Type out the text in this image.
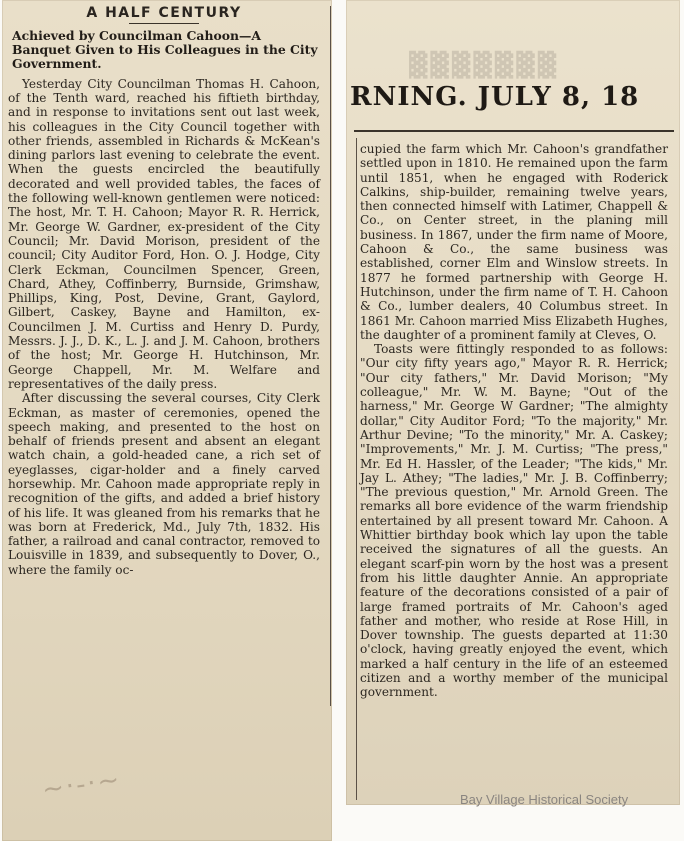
A HALF CENTURY
Achieved by Councilman Cahoon—A Banquet Given to His Colleagues in the City Government.

Yesterday City Councilman Thomas H. Cahoon, of the Tenth ward, reached his fiftieth birthday, and in response to invitations sent out last week, his colleagues in the City Council together with other friends, assembled in Richards & McKean's dining parlors last evening to celebrate the event. When the guests encircled the beautifully decorated and well provided tables, the faces of the following well-known gentlemen were noticed: The host, Mr. T. H. Cahoon; Mayor R. R. Herrick, Mr. George W. Gardner, ex-president of the City Council; Mr. David Morison, president of the council; City Auditor Ford, Hon. O. J. Hodge, City Clerk Eckman, Councilmen Spencer, Green, Chard, Athey, Coffinberry, Burnside, Grimshaw, Phillips, King, Post, Devine, Grant, Gaylord, Gilbert, Caskey, Bayne and Hamilton, ex-Councilmen J. M. Curtiss and Henry D. Purdy, Messrs. J. J., D. K., L. J. and J. M. Cahoon, brothers of the host; Mr. George H. Hutchinson, Mr. George Chappell, Mr. M. Welfare and representatives of the daily press.

After discussing the several courses, City Clerk Eckman, as master of ceremonies, opened the speech making, and presented to the host on behalf of friends present and absent an elegant watch chain, a gold-headed cane, a rich set of eyeglasses, cigar-holder and a finely carved horsewhip. Mr. Cahoon made appropriate reply in recognition of the gifts, and added a brief history of his life. It was gleaned from his remarks that he was born at Frederick, Md., July 7th, 1832. His father, a railroad and canal contractor, removed to Louisville in 1839, and subsequently to Dover, O., where the family oc-

~·-·~
▓▓▓▓▓▓▓
RNING. JULY 8, 18

cupied the farm which Mr. Cahoon's grandfather settled upon in 1810. He remained upon the farm until 1851, when he engaged with Roderick Calkins, ship-builder, remaining twelve years, then connected himself with Latimer, Chappell & Co., on Center street, in the planing mill business. In 1867, under the firm name of Moore, Cahoon & Co., the same business was established, corner Elm and Winslow streets. In 1877 he formed partnership with George H. Hutchinson, under the firm name of T. H. Cahoon & Co., lumber dealers, 40 Columbus street. In 1861 Mr. Cahoon married Miss Elizabeth Hughes, the daughter of a prominent family at Cleves, O.

Toasts were fittingly responded to as follows: "Our city fifty years ago," Mayor R. R. Herrick; "Our city fathers," Mr. David Morison; "My colleague," Mr. W. M. Bayne; "Out of the harness," Mr. George W Gardner; "The almighty dollar," City Auditor Ford; "To the majority," Mr. Arthur Devine; "To the minority," Mr. A. Caskey; "Improvements," Mr. J. M. Curtiss; "The press," Mr. Ed H. Hassler, of the Leader; "The kids," Mr. Jay L. Athey; "The ladies," Mr. J. B. Coffinberry; "The previous question," Mr. Arnold Green. The remarks all bore evidence of the warm friendship entertained by all present toward Mr. Cahoon. A Whittier birthday book which lay upon the table received the signatures of all the guests. An elegant scarf-pin worn by the host was a present from his little daughter Annie. An appropriate feature of the decorations consisted of a pair of large framed portraits of Mr. Cahoon's aged father and mother, who reside at Rose Hill, in Dover township. The guests departed at 11:30 o'clock, having greatly enjoyed the event, which marked a half century in the life of an esteemed citizen and a worthy member of the municipal government.

Bay Village Historical Society
